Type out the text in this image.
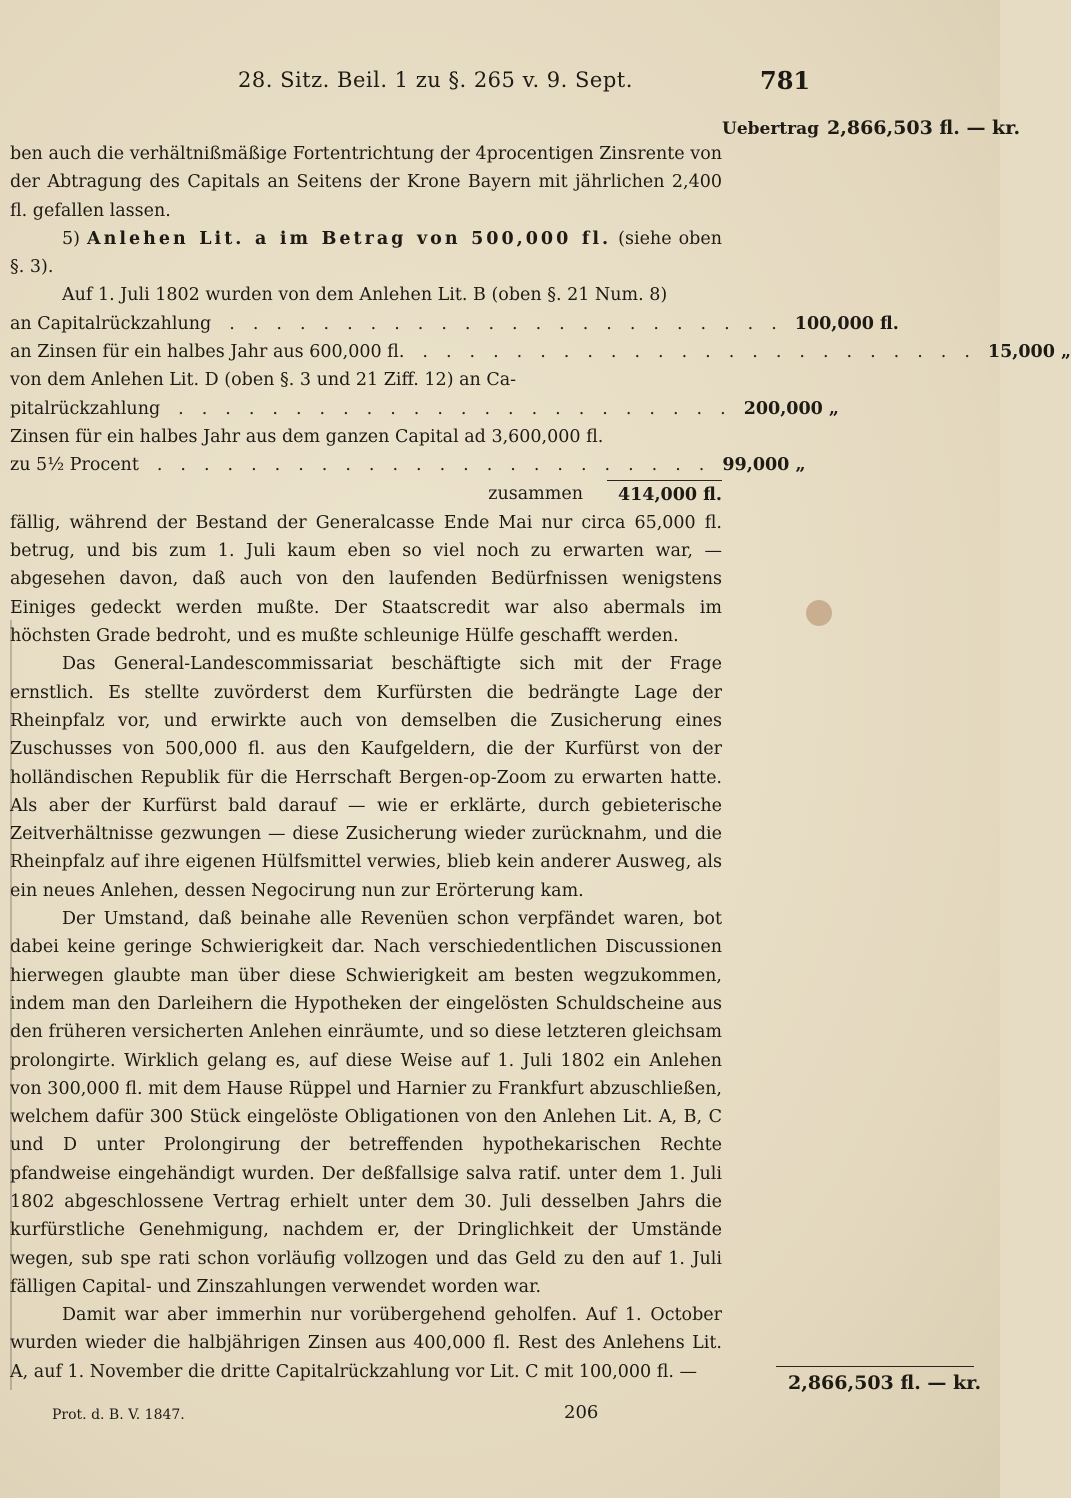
28. Sitz. Beil. 1 zu §. 265 v. 9. Sept.	781
Uebertrag 2,866,503 fl. — kr.

ben auch die verhältnißmäßige Fortentrichtung der 4procentigen Zinsrente von der Abtragung des Capitals an Seitens der Krone Bayern mit jährlichen 2,400 fl. gefallen lassen.

5) Anlehen Lit. a im Betrag von 500,000 fl. (siehe oben §. 3).

Auf 1. Juli 1802 wurden von dem Anlehen Lit. B (oben §. 21 Num. 8)

an Capitalrückzahlung	........................ 100,000 fl.
an Zinsen für ein halbes Jahr aus 600,000 fl.	........................ 15,000 „
von dem Anlehen Lit. D (oben §. 3 und 21 Ziff. 12) an Ca-
pitalrückzahlung	........................ 200,000 „
Zinsen für ein halbes Jahr aus dem ganzen Capital ad 3,600,000 fl.
zu 5½ Procent	........................ 99,000 „
zusammen	414,000 fl.

fällig, während der Bestand der Generalcasse Ende Mai nur circa 65,000 fl. betrug, und bis zum 1. Juli kaum eben so viel noch zu erwarten war, — abgesehen davon, daß auch von den laufenden Bedürfnissen wenigstens Einiges gedeckt werden mußte. Der Staatscredit war also abermals im höchsten Grade bedroht, und es mußte schleunige Hülfe geschafft werden.

Das General-Landescommissariat beschäftigte sich mit der Frage ernstlich. Es stellte zuvörderst dem Kurfürsten die bedrängte Lage der Rheinpfalz vor, und erwirkte auch von demselben die Zusicherung eines Zuschusses von 500,000 fl. aus den Kaufgeldern, die der Kurfürst von der holländischen Republik für die Herrschaft Bergen-op-Zoom zu erwarten hatte. Als aber der Kurfürst bald darauf — wie er erklärte, durch gebieterische Zeitverhältnisse gezwungen — diese Zusicherung wieder zurücknahm, und die Rheinpfalz auf ihre eigenen Hülfsmittel verwies, blieb kein anderer Ausweg, als ein neues Anlehen, dessen Negocirung nun zur Erörterung kam.

Der Umstand, daß beinahe alle Revenüen schon verpfändet waren, bot dabei keine geringe Schwierigkeit dar. Nach verschiedentlichen Discussionen hierwegen glaubte man über diese Schwierigkeit am besten wegzukommen, indem man den Darleihern die Hypotheken der eingelösten Schuldscheine aus den früheren versicherten Anlehen einräumte, und so diese letzteren gleichsam prolongirte. Wirklich gelang es, auf diese Weise auf 1. Juli 1802 ein Anlehen von 300,000 fl. mit dem Hause Rüppel und Harnier zu Frankfurt abzuschließen, welchem dafür 300 Stück eingelöste Obligationen von den Anlehen Lit. A, B, C und D unter Prolongirung der betreffenden hypothekarischen Rechte pfandweise eingehändigt wurden. Der deßfallsige salva ratif. unter dem 1. Juli 1802 abgeschlossene Vertrag erhielt unter dem 30. Juli desselben Jahrs die kurfürstliche Genehmigung, nachdem er, der Dringlichkeit der Umstände wegen, sub spe rati schon vorläufig vollzogen und das Geld zu den auf 1. Juli fälligen Capital- und Zinszahlungen verwendet worden war.

Damit war aber immerhin nur vorübergehend geholfen. Auf 1. October wurden wieder die halbjährigen Zinsen aus 400,000 fl. Rest des Anlehens Lit. A, auf 1. November die dritte Capitalrückzahlung vor Lit. C mit 100,000 fl. —

2,866,503 fl. — kr.
Prot. d. B. V. 1847.	206
